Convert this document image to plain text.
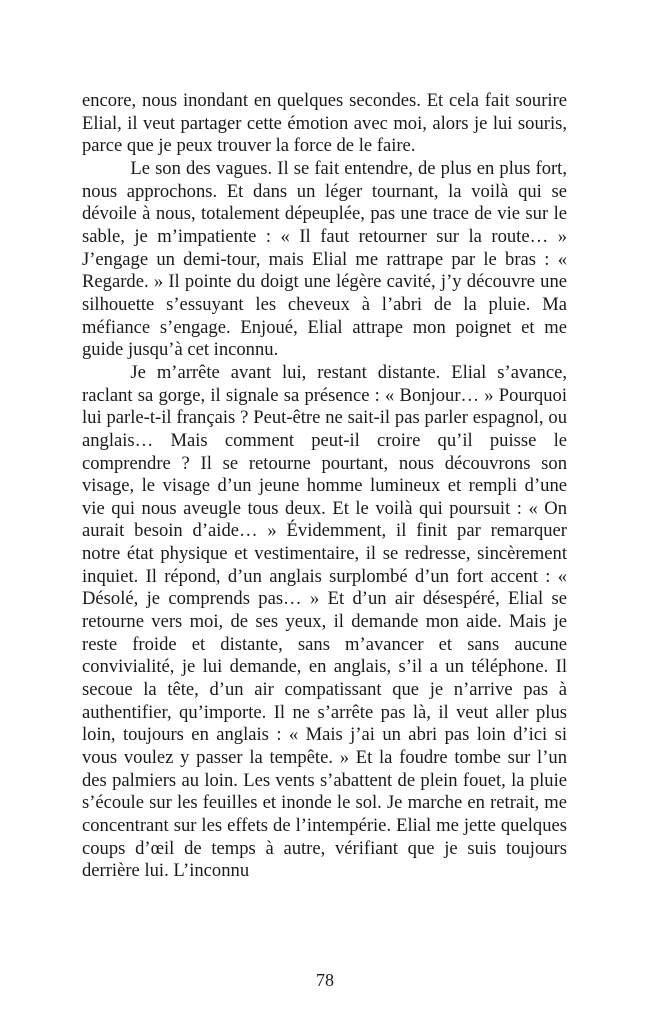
encore, nous inondant en quelques secondes. Et cela fait sourire Elial, il veut partager cette émotion avec moi, alors je lui souris, parce que je peux trouver la force de le faire.

Le son des vagues. Il se fait entendre, de plus en plus fort, nous approchons. Et dans un léger tournant, la voilà qui se dévoile à nous, totalement dépeuplée, pas une trace de vie sur le sable, je m’impatiente : « Il faut retourner sur la route… » J’engage un demi-tour, mais Elial me rattrape par le bras : « Regarde. » Il pointe du doigt une légère cavité, j’y découvre une silhouette s’essuyant les cheveux à l’abri de la pluie. Ma méfiance s’engage. Enjoué, Elial attrape mon poignet et me guide jusqu’à cet inconnu.

Je m’arrête avant lui, restant distante. Elial s’avance, raclant sa gorge, il signale sa présence : « Bonjour… » Pourquoi lui parle-t-il français ? Peut-être ne sait-il pas parler espagnol, ou anglais… Mais comment peut-il croire qu’il puisse le comprendre ? Il se retourne pourtant, nous découvrons son visage, le visage d’un jeune homme lumineux et rempli d’une vie qui nous aveugle tous deux. Et le voilà qui poursuit : « On aurait besoin d’aide… » Évidemment, il finit par remarquer notre état physique et vestimentaire, il se redresse, sincèrement inquiet. Il répond, d’un anglais surplombé d’un fort accent : « Désolé, je comprends pas… » Et d’un air désespéré, Elial se retourne vers moi, de ses yeux, il demande mon aide. Mais je reste froide et distante, sans m’avancer et sans aucune convivialité, je lui demande, en anglais, s’il a un téléphone. Il secoue la tête, d’un air compatissant que je n’arrive pas à authentifier, qu’importe. Il ne s’arrête pas là, il veut aller plus loin, toujours en anglais : « Mais j’ai un abri pas loin d’ici si vous voulez y passer la tempête. » Et la foudre tombe sur l’un des palmiers au loin. Les vents s’abattent de plein fouet, la pluie s’écoule sur les feuilles et inonde le sol. Je marche en retrait, me concentrant sur les effets de l’intempérie. Elial me jette quelques coups d’œil de temps à autre, vérifiant que je suis toujours derrière lui. L’inconnu

78
